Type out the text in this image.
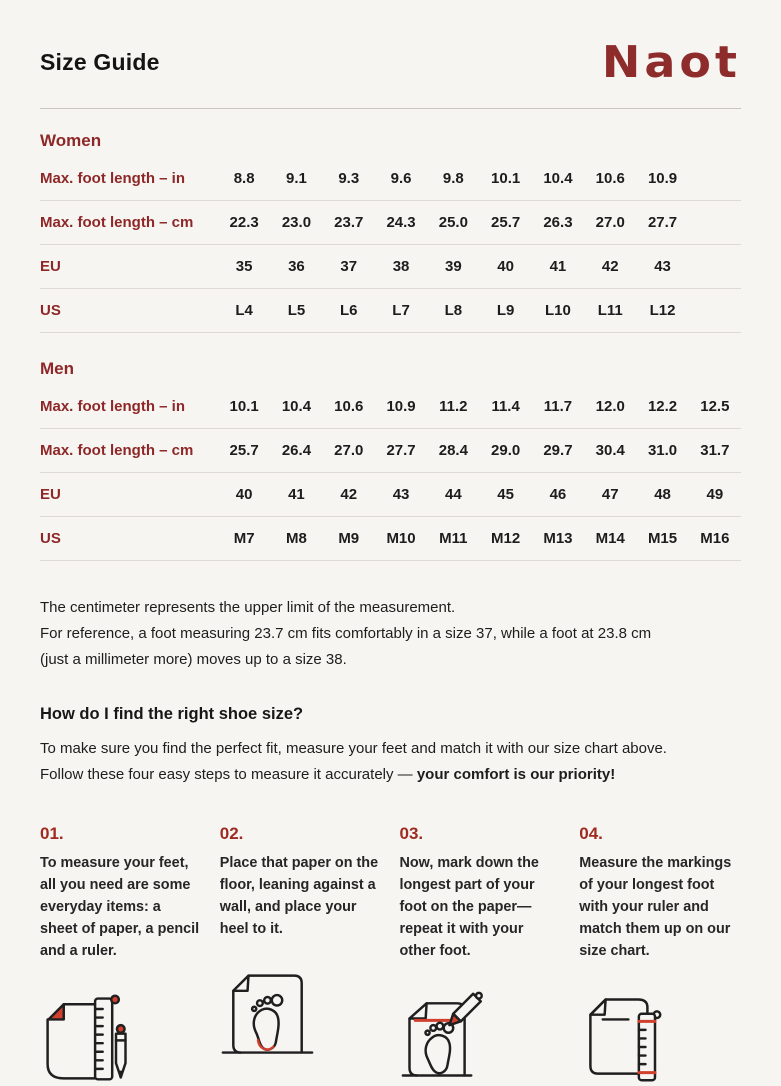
Size Guide	Naot
Women
Max. foot length – in	8.8	9.1	9.3	9.6	9.8	10.1	10.4	10.6	10.9
Max. foot length – cm	22.3	23.0	23.7	24.3	25.0	25.7	26.3	27.0	27.7
EU	35	36	37	38	39	40	41	42	43
US	L4	L5	L6	L7	L8	L9	L10	L11	L12
Men
Max. foot length – in	10.1	10.4	10.6	10.9	11.2	11.4	11.7	12.0	12.2	12.5
Max. foot length – cm	25.7	26.4	27.0	27.7	28.4	29.0	29.7	30.4	31.0	31.7
EU	40	41	42	43	44	45	46	47	48	49
US	M7	M8	M9	M10	M11	M12	M13	M14	M15	M16
The centimeter represents the upper limit of the measurement.
For reference, a foot measuring 23.7 cm fits comfortably in a size 37, while a foot at 23.8 cm
(just a millimeter more) moves up to a size 38.
How do I find the right shoe size?
To make sure you find the perfect fit, measure your feet and match it with our size chart above. Follow these four easy steps to measure it accurately — your comfort is our priority!
01.
To measure your feet, all you need are some everyday items: a sheet of paper, a pencil and a ruler.
02.
Place that paper on the floor, leaning against a wall, and place your heel to it.
03.
Now, mark down the longest part of your foot on the paper—repeat it with your other foot.
04.
Measure the markings of your longest foot with your ruler and match them up on our size chart.
